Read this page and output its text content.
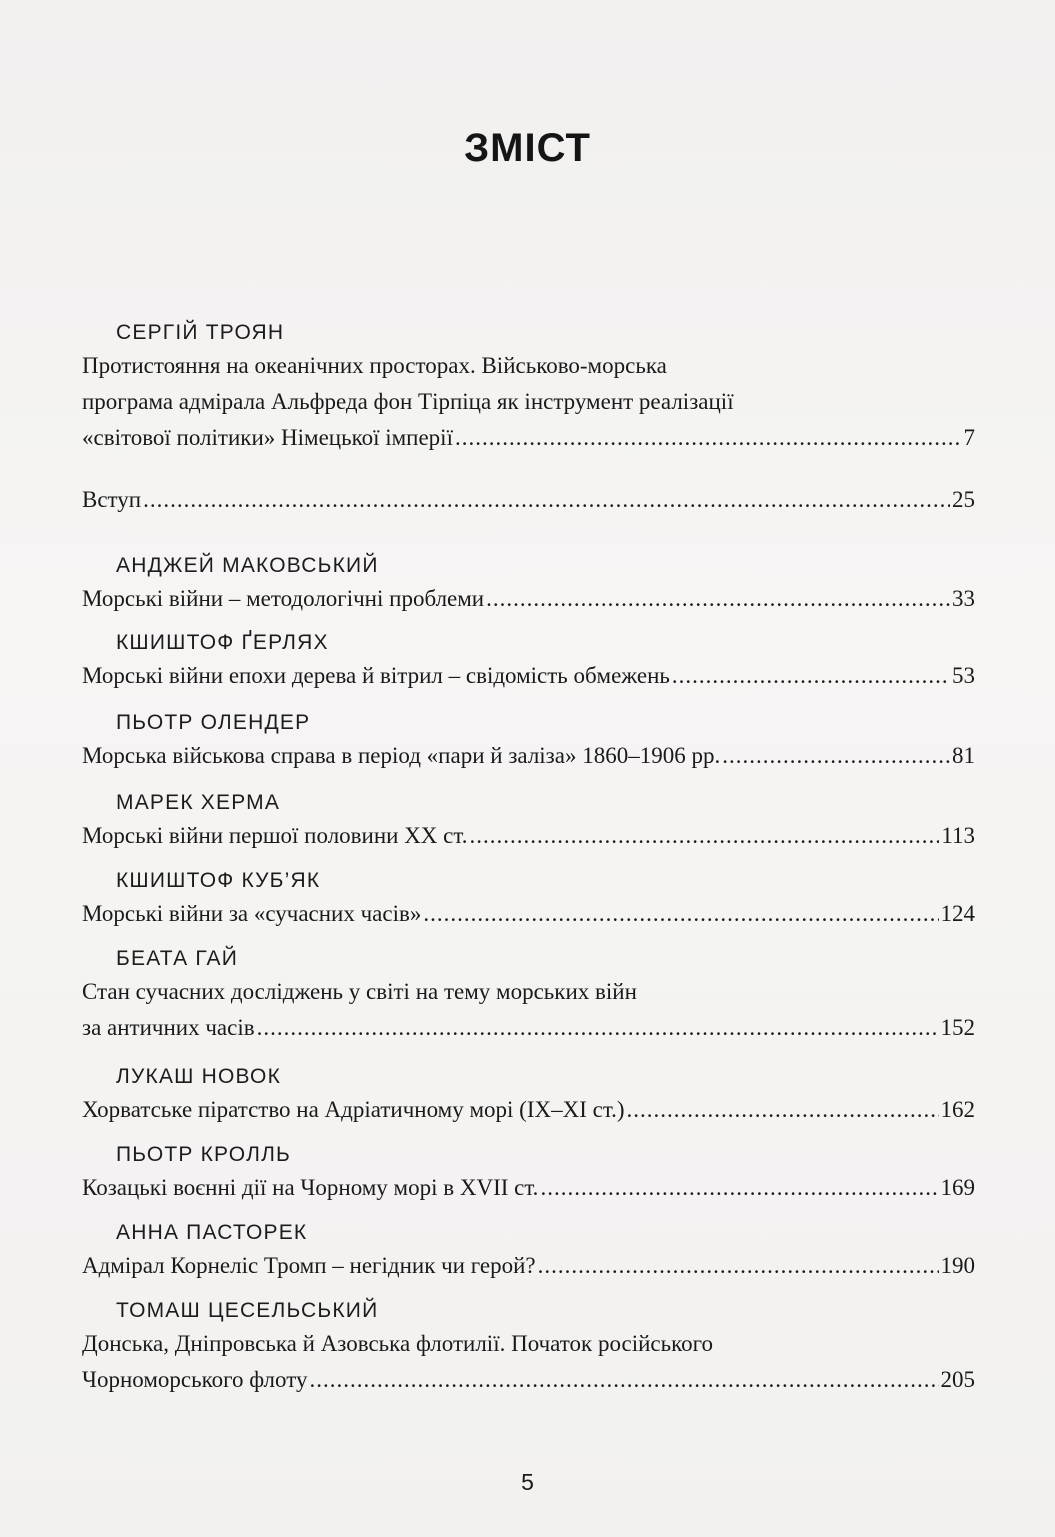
ЗМІСТ
СЕРГІЙ ТРОЯН
Протистояння на океанічних просторах. Військово-морська
програма адмірала Альфреда фон Тірпіца як інструмент реалізації
«світової політики» Німецької імперії .....	7
Вступ .....	25
АНДЖЕЙ МАКОВСЬКИЙ
Морські війни – методологічні проблеми .....	33
КШИШТОФ ҐЕРЛЯХ
Морські війни епохи дерева й вітрил – свідомість обмежень .....	53
ПЬОТР ОЛЕНДЕР
Морська військова справа в період «пари й заліза» 1860–1906 рр. .....	81
МАРЕК ХЕРМА
Морські війни першої половини ХХ ст. .....	113
КШИШТОФ КУБ’ЯК
Морські війни за «сучасних часів» .....	124
БЕАТА ГАЙ
Стан сучасних досліджень у світі на тему морських війн
за античних часів .....	152
ЛУКАШ НОВОК
Хорватське піратство на Адріатичному морі (ІХ–ХІ ст.) .....	162
ПЬОТР КРОЛЛЬ
Козацькі воєнні дії на Чорному морі в XVII ст. .....	169
АННА ПАСТОРЕК
Адмірал Корнеліс Тромп – негідник чи герой? .....	190
ТОМАШ ЦЕСЕЛЬСЬКИЙ
Донська, Дніпровська й Азовська флотилії. Початок російського
Чорноморського флоту .....	205
5
